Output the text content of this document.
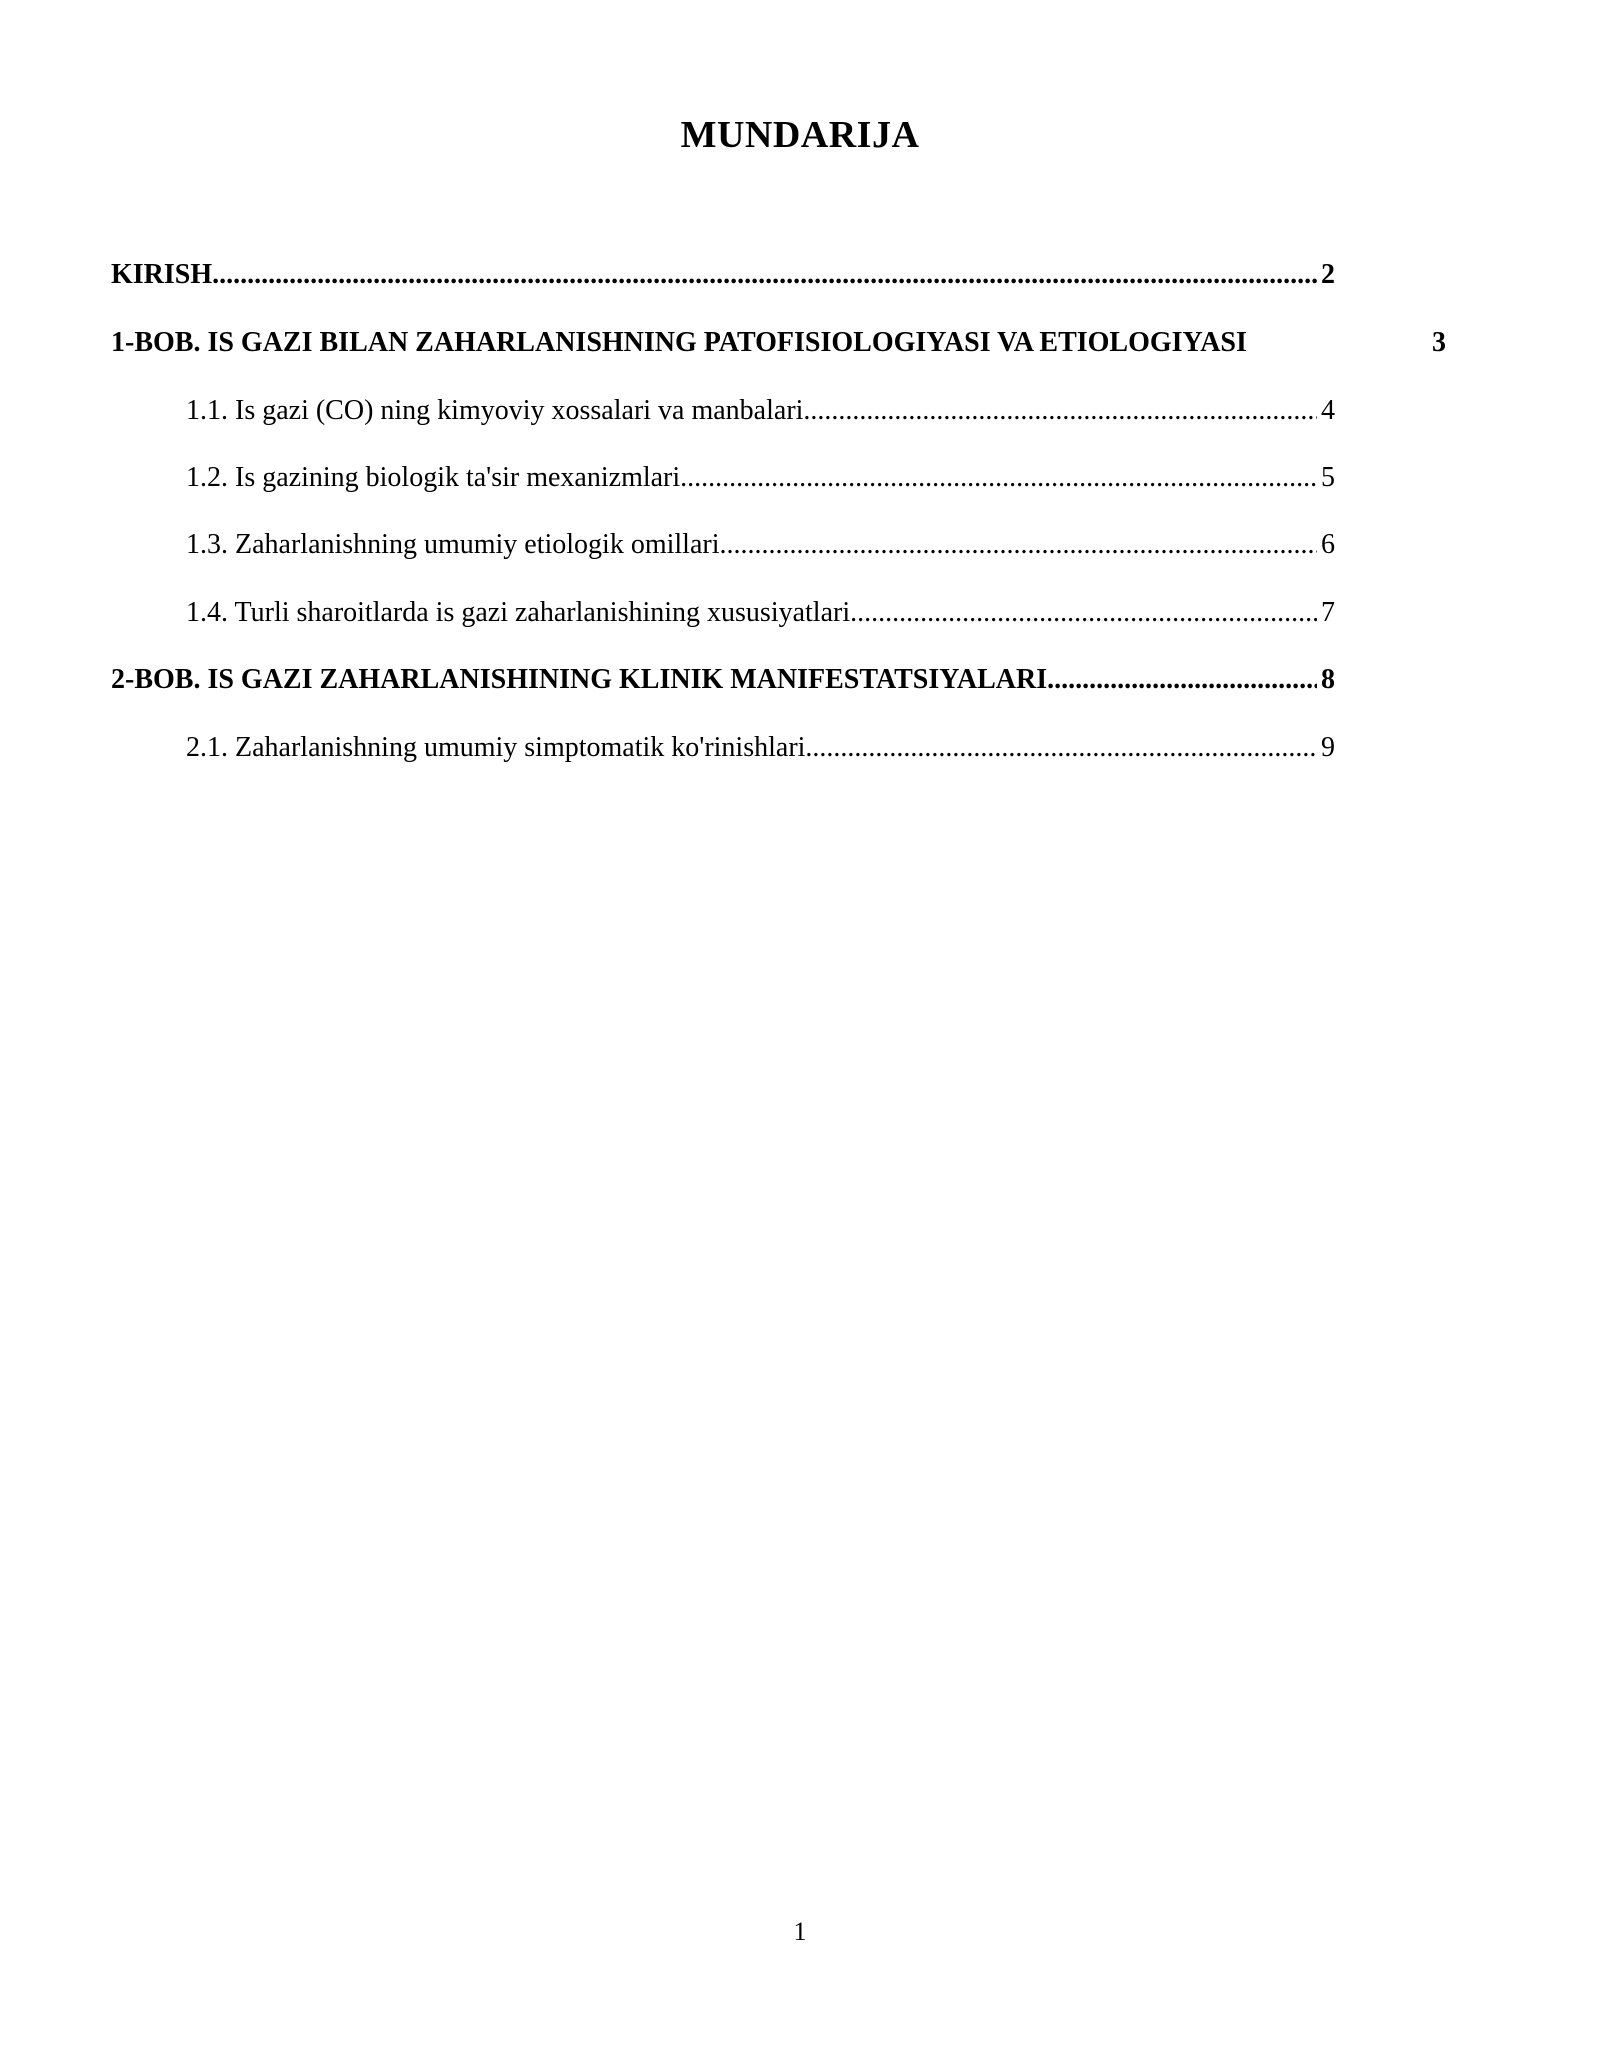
MUNDARIJA
KIRISH .....	2
1-BOB. IS GAZI BILAN ZAHARLANISHNING PATOFISIOLOGIYASI VA ETIOLOGIYASI	3
1.1. Is gazi (CO) ning kimyoviy xossalari va manbalari .....	4
1.2. Is gazining biologik ta'sir mexanizmlari .....	5
1.3. Zaharlanishning umumiy etiologik omillari .....	6
1.4. Turli sharoitlarda is gazi zaharlanishining xususiyatlari .....	7
2-BOB. IS GAZI ZAHARLANISHINING KLINIK MANIFESTATSIYALARI .....	8
2.1. Zaharlanishning umumiy simptomatik ko'rinishlari .....	9
1
